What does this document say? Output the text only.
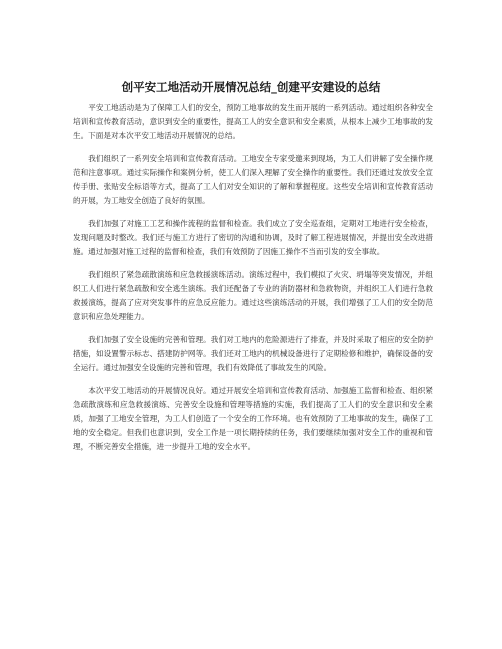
创平安工地活动开展情况总结_创建平安建设的总结

平安工地活动是为了保障工人们的安全，预防工地事故的发生而开展的一系列活动。通过组织各种安全培训和宣传教育活动，意识到安全的重要性，提高工人的安全意识和安全素质，从根本上减少工地事故的发生。下面是对本次平安工地活动开展情况的总结。

我们组织了一系列安全培训和宣传教育活动。工地安全专家受邀来到现场，为工人们讲解了安全操作规范和注意事项。通过实际操作和案例分析，使工人们深入理解了安全操作的重要性。我们还通过发放安全宣传手册、张贴安全标语等方式，提高了工人们对安全知识的了解和掌握程度。这些安全培训和宣传教育活动的开展，为工地安全创造了良好的氛围。

我们加强了对施工工艺和操作流程的监督和检查。我们成立了安全巡查组，定期对工地进行安全检查，发现问题及时整改。我们还与施工方进行了密切的沟通和协调，及时了解工程进展情况，并提出安全改进措施。通过加强对施工过程的监督和检查，我们有效预防了因施工操作不当而引发的安全事故。

我们组织了紧急疏散演练和应急救援演练活动。演练过程中，我们模拟了火灾、坍塌等突发情况，并组织工人们进行紧急疏散和安全逃生演练。我们还配备了专业的消防器材和急救物资，并组织工人们进行急救救援演练，提高了应对突发事件的应急反应能力。通过这些演练活动的开展，我们增强了工人们的安全防范意识和应急处理能力。

我们加强了安全设施的完善和管理。我们对工地内的危险源进行了排查，并及时采取了相应的安全防护措施，如设置警示标志、搭建防护网等。我们还对工地内的机械设备进行了定期检修和维护，确保设备的安全运行。通过加强安全设施的完善和管理，我们有效降低了事故发生的风险。

本次平安工地活动的开展情况良好。通过开展安全培训和宣传教育活动、加强施工监督和检查、组织紧急疏散演练和应急救援演练、完善安全设施和管理等措施的实施，我们提高了工人们的安全意识和安全素质，加强了工地安全管理，为工人们创造了一个安全的工作环境。也有效预防了工地事故的发生，确保了工地的安全稳定。但我们也意识到，安全工作是一项长期持续的任务，我们要继续加强对安全工作的重视和管理，不断完善安全措施，进一步提升工地的安全水平。
